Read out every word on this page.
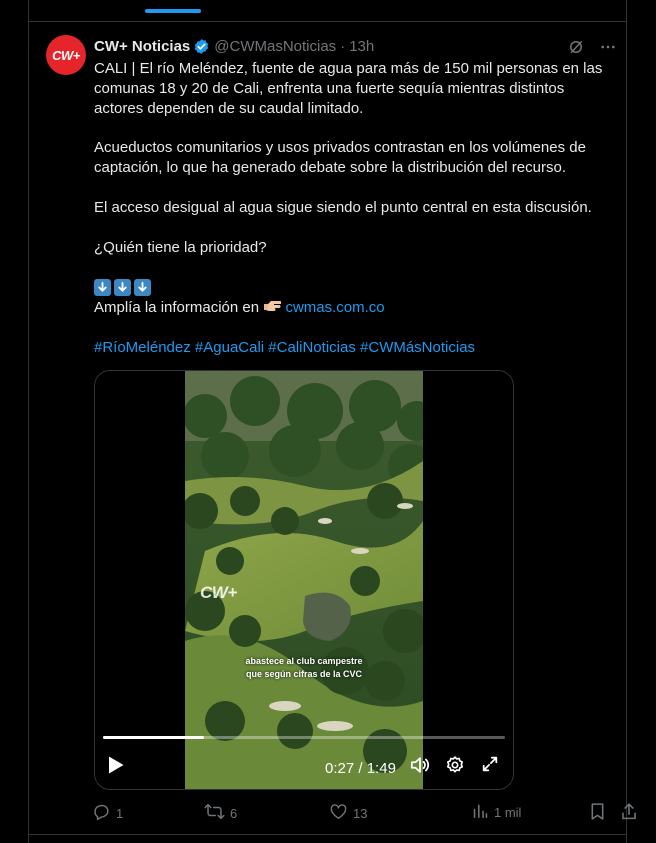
CW+
CW+ Noticias @CWMasNoticias · 13h

CALI | El río Meléndez, fuente de agua para más de 150 mil personas en las comunas 18 y 20 de Cali, enfrenta una fuerte sequía mientras distintos actores dependen de su caudal limitado.

Acueductos comunitarios y usos privados contrastan en los volúmenes de captación, lo que ha generado debate sobre la distribución del recurso.

El acceso desigual al agua sigue siendo el punto central en esta discusión.

¿Quién tiene la prioridad?

Amplía la información en cwmas.com.co

#RíoMeléndez #AguaCali #CaliNoticias #CWMásNoticias

CW+
abastece al club campestre
que según cifras de la CVC
0:27 / 1:49
1	6	13	1 mil
